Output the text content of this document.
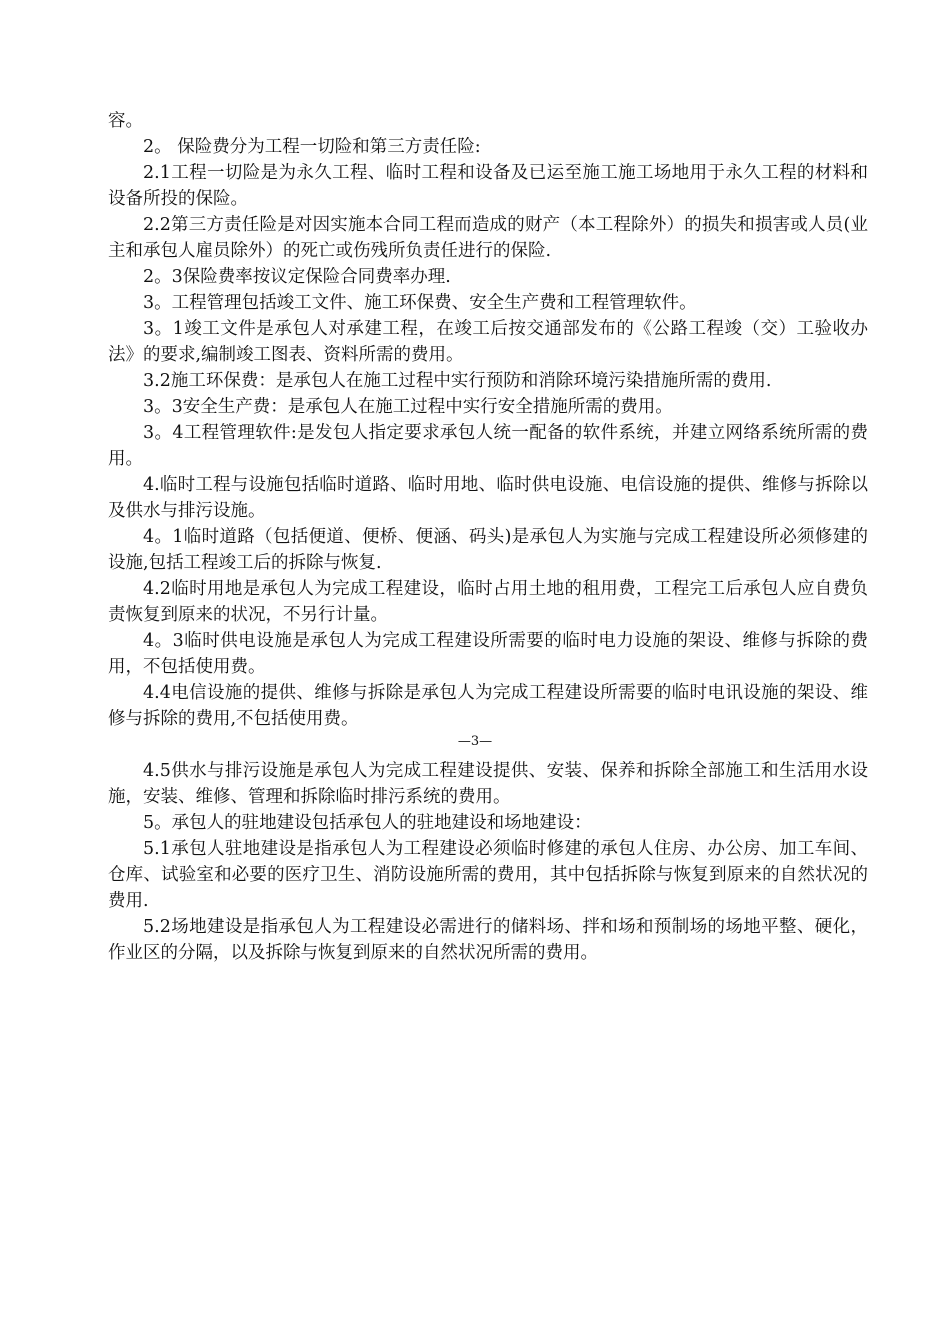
容。

2。 保险费分为工程一切险和第三方责任险:

2.1工程一切险是为永久工程、临时工程和设备及已运至施工施工场地用于永久工程的材料和设备所投的保险。

2.2第三方责任险是对因实施本合同工程而造成的财产（本工程除外）的损失和损害或人员(业主和承包人雇员除外）的死亡或伤残所负责任进行的保险.

2。3保险费率按议定保险合同费率办理.

3。工程管理包括竣工文件、施工环保费、安全生产费和工程管理软件。

3。1竣工文件是承包人对承建工程，在竣工后按交通部发布的《公路工程竣（交）工验收办法》的要求,编制竣工图表、资料所需的费用。

3.2施工环保费：是承包人在施工过程中实行预防和消除环境污染措施所需的费用.

3。3安全生产费：是承包人在施工过程中实行安全措施所需的费用。

3。4工程管理软件:是发包人指定要求承包人统一配备的软件系统，并建立网络系统所需的费用。

4.临时工程与设施包括临时道路、临时用地、临时供电设施、电信设施的提供、维修与拆除以及供水与排污设施。

4。1临时道路（包括便道、便桥、便涵、码头)是承包人为实施与完成工程建设所必须修建的设施,包括工程竣工后的拆除与恢复.

4.2临时用地是承包人为完成工程建设，临时占用土地的租用费，工程完工后承包人应自费负责恢复到原来的状况，不另行计量。

4。3临时供电设施是承包人为完成工程建设所需要的临时电力设施的架设、维修与拆除的费用，不包括使用费。

4.4电信设施的提供、维修与拆除是承包人为完成工程建设所需要的临时电讯设施的架设、维修与拆除的费用,不包括使用费。

—3—

4.5供水与排污设施是承包人为完成工程建设提供、安装、保养和拆除全部施工和生活用水设施，安装、维修、管理和拆除临时排污系统的费用。

5。承包人的驻地建设包括承包人的驻地建设和场地建设：

5.1承包人驻地建设是指承包人为工程建设必须临时修建的承包人住房、办公房、加工车间、仓库、试验室和必要的医疗卫生、消防设施所需的费用，其中包括拆除与恢复到原来的自然状况的费用.

5.2场地建设是指承包人为工程建设必需进行的储料场、拌和场和预制场的场地平整、硬化，作业区的分隔，以及拆除与恢复到原来的自然状况所需的费用。
